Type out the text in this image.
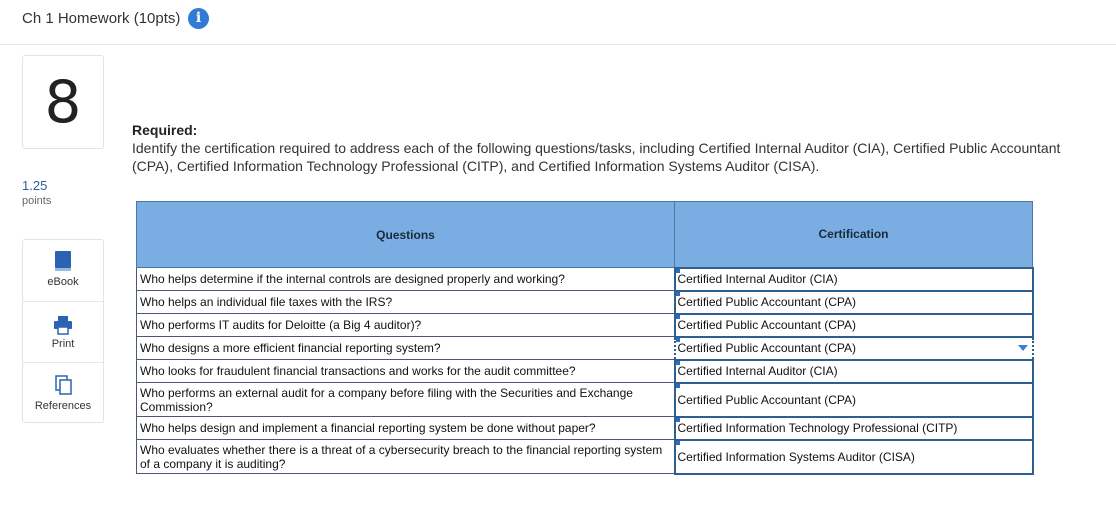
Ch 1 Homework (10pts)	i
8
1.25
points
eBook
Print
References
Required:
Identify the certification required to address each of the following questions/tasks, including Certified Internal Auditor (CIA), Certified Public Accountant (CPA), Certified Information Technology Professional (CITP), and Certified Information Systems Auditor (CISA).
Questions	Certification
Who helps determine if the internal controls are designed properly and working?	Certified Internal Auditor (CIA)
Who helps an individual file taxes with the IRS?	Certified Public Accountant (CPA)
Who performs IT audits for Deloitte (a Big 4 auditor)?	Certified Public Accountant (CPA)
Who designs a more efficient financial reporting system?	Certified Public Accountant (CPA)

Who looks for fraudulent financial transactions and works for the audit committee?	Certified Internal Auditor (CIA)
Who performs an external audit for a company before filing with the Securities and Exchange Commission?	Certified Public Accountant (CPA)
Who helps design and implement a financial reporting system be done without paper?	Certified Information Technology Professional (CITP)
Who evaluates whether there is a threat of a cybersecurity breach to the financial reporting system of a company it is auditing?	Certified Information Systems Auditor (CISA)
